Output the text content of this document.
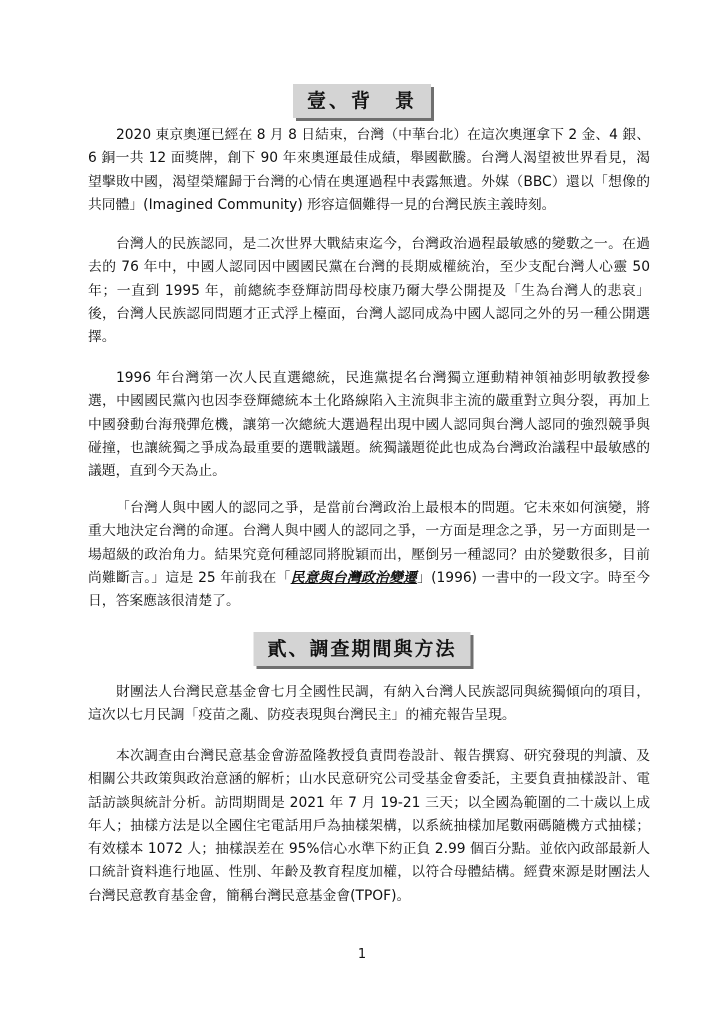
壹、背　景

2020 東京奧運已經在 8 月 8 日結束，台灣（中華台北）在這次奧運拿下 2 金、4 銀、6 銅一共 12 面獎牌，創下 90 年來奧運最佳成績，舉國歡騰。台灣人渴望被世界看見，渴望擊敗中國，渴望榮耀歸于台灣的心情在奧運過程中表露無遺。外媒（BBC）還以「想像的共同體」(Imagined Community) 形容這個難得一見的台灣民族主義時刻。

台灣人的民族認同，是二次世界大戰結束迄今，台灣政治過程最敏感的變數之一。在過去的 76 年中，中國人認同因中國國民黨在台灣的長期威權統治，至少支配台灣人心靈 50 年；一直到 1995 年，前總統李登輝訪問母校康乃爾大學公開提及「生為台灣人的悲哀」後，台灣人民族認同問題才正式浮上檯面，台灣人認同成為中國人認同之外的另一種公開選擇。

1996 年台灣第一次人民直選總統，民進黨提名台灣獨立運動精神領袖彭明敏教授參選，中國國民黨內也因李登輝總統本土化路線陷入主流與非主流的嚴重對立與分裂，再加上中國發動台海飛彈危機，讓第一次總統大選過程出現中國人認同與台灣人認同的強烈競爭與碰撞，也讓統獨之爭成為最重要的選戰議題。統獨議題從此也成為台灣政治議程中最敏感的議題，直到今天為止。

「台灣人與中國人的認同之爭，是當前台灣政治上最根本的問題。它未來如何演變，將重大地決定台灣的命運。台灣人與中國人的認同之爭，一方面是理念之爭，另一方面則是一場超級的政治角力。結果究竟何種認同將脫穎而出，壓倒另一種認同？由於變數很多，目前尚難斷言。」這是 25 年前我在「民意與台灣政治變遷」(1996) 一書中的一段文字。時至今日，答案應該很清楚了。

貳、調查期間與方法

財團法人台灣民意基金會七月全國性民調，有納入台灣人民族認同與統獨傾向的項目，這次以七月民調「疫苗之亂、防疫表現與台灣民主」的補充報告呈現。

本次調查由台灣民意基金會游盈隆教授負責問卷設計、報告撰寫、研究發現的判讀、及相關公共政策與政治意涵的解析；山水民意研究公司受基金會委託，主要負責抽樣設計、電話訪談與統計分析。訪問期間是 2021 年 7 月 19-21 三天；以全國為範圍的二十歲以上成年人；抽樣方法是以全國住宅電話用戶為抽樣架構，以系統抽樣加尾數兩碼隨機方式抽樣；有效樣本 1072 人；抽樣誤差在 95%信心水準下約正負 2.99 個百分點。並依內政部最新人口統計資料進行地區、性別、年齡及教育程度加權，以符合母體結構。經費來源是財團法人台灣民意教育基金會，簡稱台灣民意基金會(TPOF)。

1
